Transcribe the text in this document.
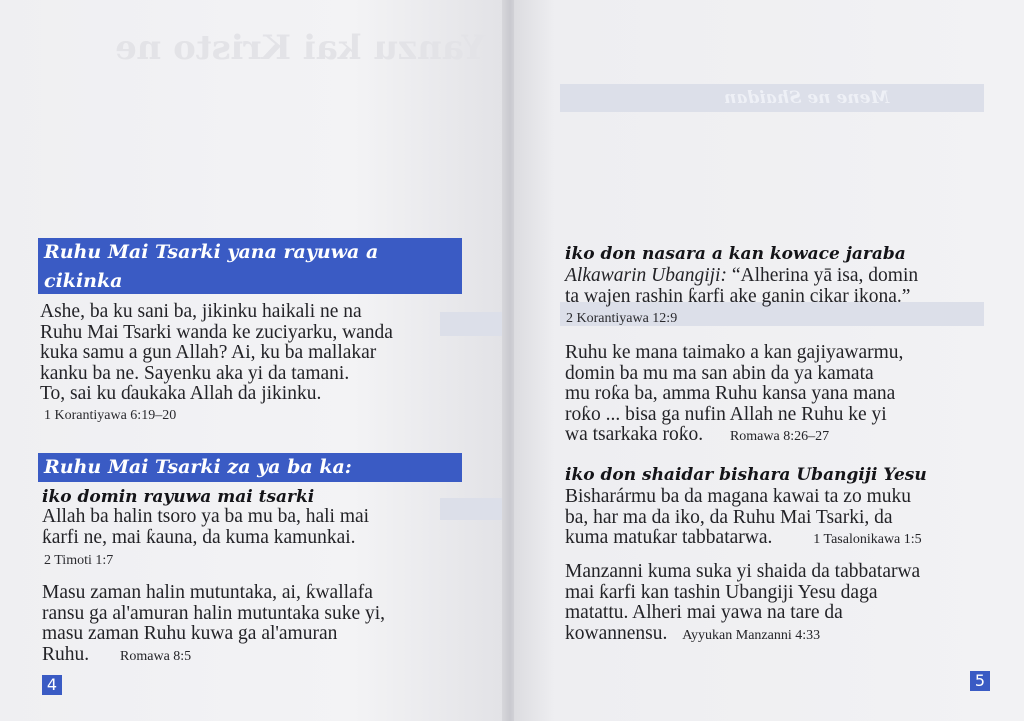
Yanzu kai Kristo ne
Ruhu Mai Tsarki yana rayuwa a
cikinka
Ashe, ba ku sani ba, jikinku haikali ne na
Ruhu Mai Tsarki wanda ke zuciyarku, wanda
kuka samu a gun Allah? Ai, ku ba mallakar
kanku ba ne. Sayenku aka yi da tamani.
To, sai ku ɗaukaka Allah da jikinku.
1 Korantiyawa 6:19–20
Ruhu Mai Tsarki za ya ba ka:
iko domin rayuwa mai tsarki
Allah ba halin tsoro ya ba mu ba, hali mai
ƙarfi ne, mai ƙauna, da kuma kamunkai.
2 Timoti 1:7
Masu zaman halin mutuntaka, ai, ƙwallafa
ransu ga al'amuran halin mutuntaka suke yi,
masu zaman Ruhu kuwa ga al'amuran
Ruhu. Romawa 8:5
4
Mene ne Shaidan
iko don nasara a kan kowace jaraba
Alkawarin Ubangiji: “Alherina yā isa, domin
ta wajen rashin ƙarfi ake ganin cikar ikona.”
2 Korantiyawa 12:9
Ruhu ke mana taimako a kan gajiyawarmu,
domin ba mu ma san abin da ya kamata
mu roƙa ba, amma Ruhu kansa yana mana
roƙo ... bisa ga nufin Allah ne Ruhu ke yi
wa tsarkaka roƙo. Romawa 8:26–27
iko don shaidar bishara Ubangiji Yesu
Bisharármu ba da magana kawai ta zo muku
ba, har ma da iko, da Ruhu Mai Tsarki, da
kuma matuƙar tabbatarwa.	1 Tasalonikawa 1:5
Manzanni kuma suka yi shaida da tabbatarwa
mai ƙarfi kan tashin Ubangiji Yesu daga
matattu. Alheri mai yawa na tare da
kowannensu. Ayyukan Manzanni 4:33
5
